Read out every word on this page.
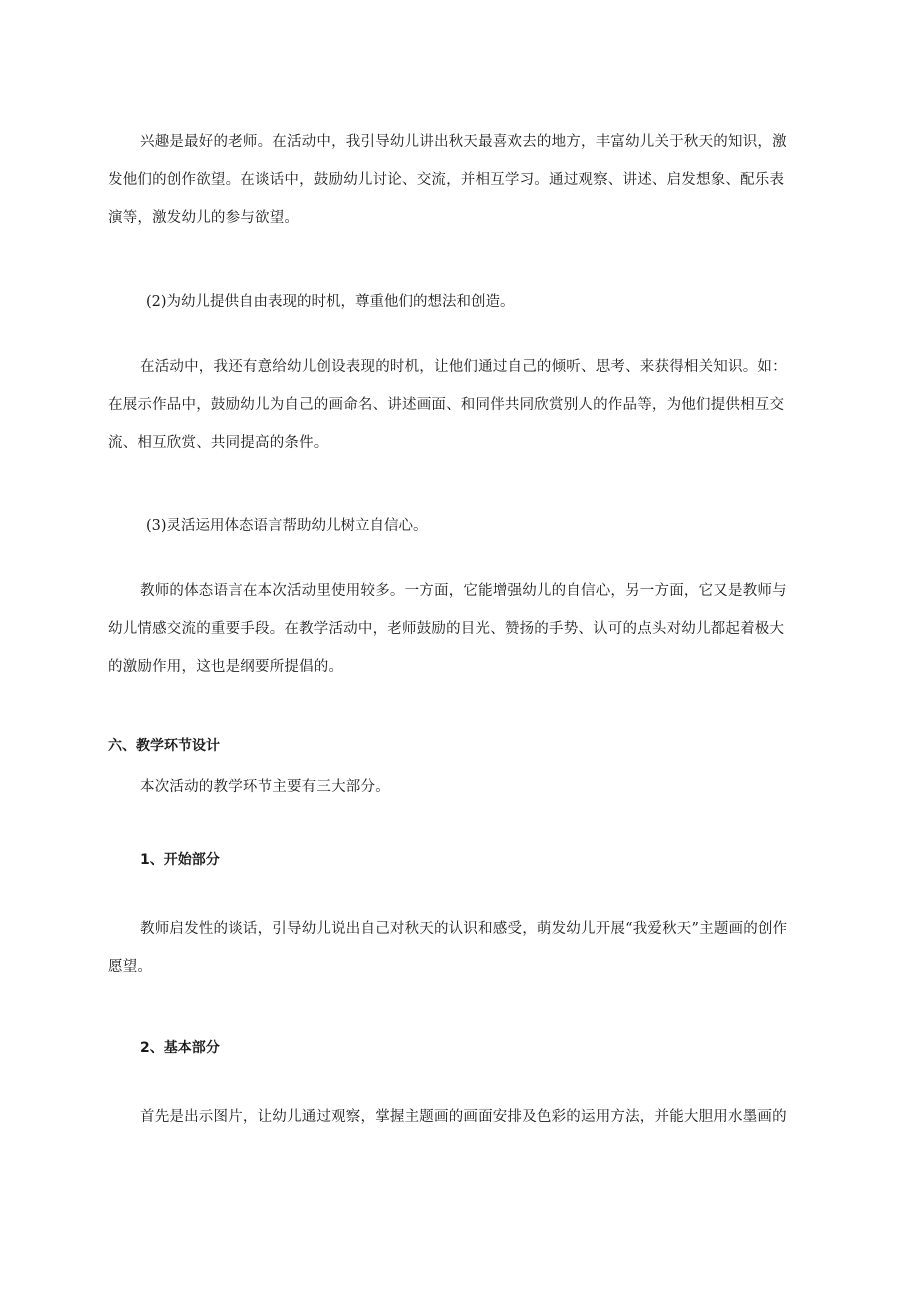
兴趣是最好的老师。在活动中，我引导幼儿讲出秋天最喜欢去的地方，丰富幼儿关于秋天的知识，激发他们的创作欲望。在谈话中，鼓励幼儿讨论、交流，并相互学习。通过观察、讲述、启发想象、配乐表演等，激发幼儿的参与欲望。

(2)为幼儿提供自由表现的时机，尊重他们的想法和创造。

在活动中，我还有意给幼儿创设表现的时机，让他们通过自己的倾听、思考、来获得相关知识。如：在展示作品中，鼓励幼儿为自己的画命名、讲述画面、和同伴共同欣赏别人的作品等，为他们提供相互交流、相互欣赏、共同提高的条件。

(3)灵活运用体态语言帮助幼儿树立自信心。

教师的体态语言在本次活动里使用较多。一方面，它能增强幼儿的自信心，另一方面，它又是教师与幼儿情感交流的重要手段。在教学活动中，老师鼓励的目光、赞扬的手势、认可的点头对幼儿都起着极大的激励作用，这也是纲要所提倡的。

六、教学环节设计

本次活动的教学环节主要有三大部分。

1、开始部分

教师启发性的谈话，引导幼儿说出自己对秋天的认识和感受，萌发幼儿开展“我爱秋天”主题画的创作愿望。

2、基本部分

首先是出示图片，让幼儿通过观察，掌握主题画的画面安排及色彩的运用方法，并能大胆用水墨画的
